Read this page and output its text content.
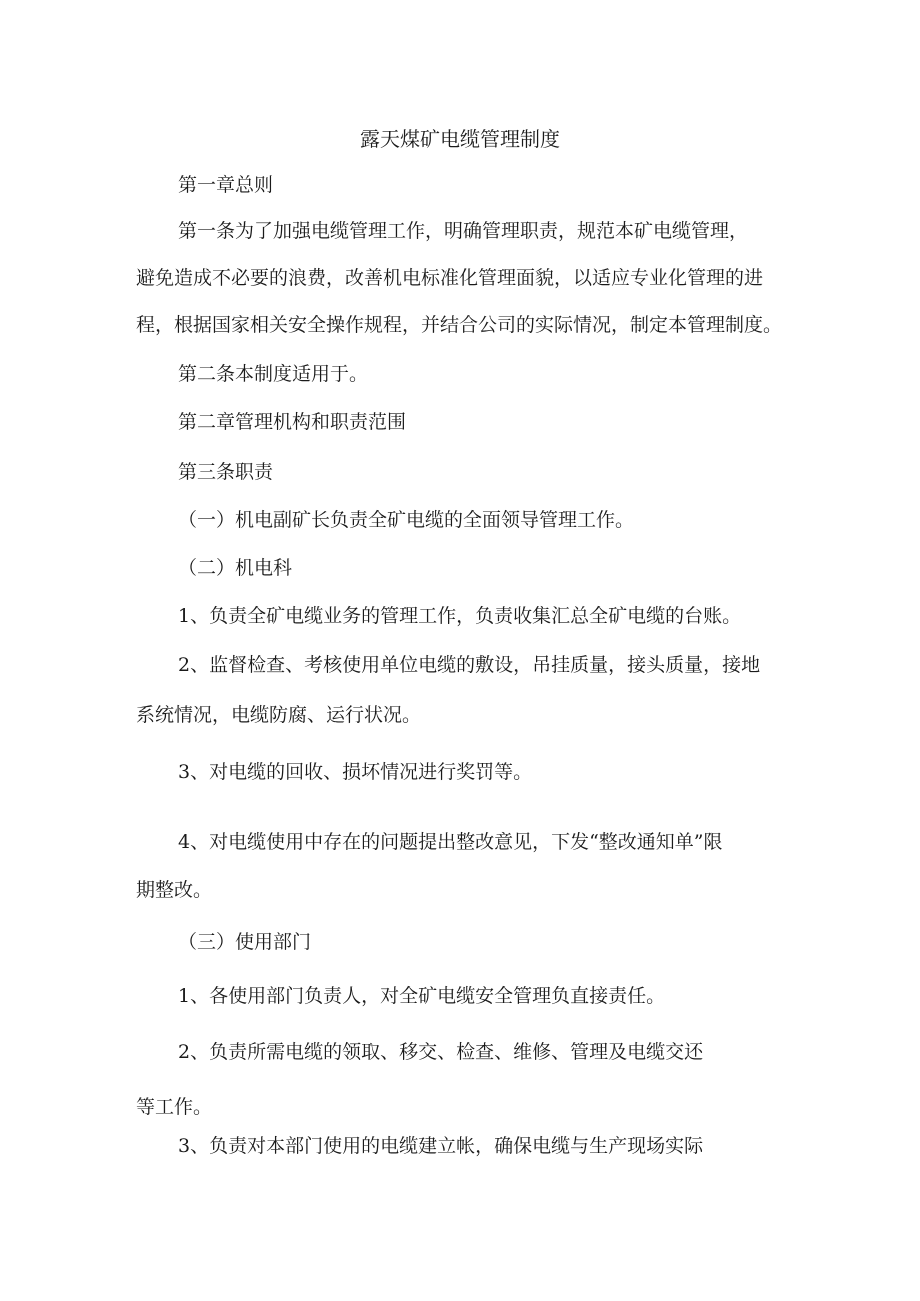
露天煤矿电缆管理制度

第一章总则

第一条为了加强电缆管理工作，明确管理职责，规范本矿电缆管理，

避免造成不必要的浪费，改善机电标准化管理面貌，以适应专业化管理的进

程，根据国家相关安全操作规程，并结合公司的实际情况，制定本管理制度。

第二条本制度适用于。

第二章管理机构和职责范围

第三条职责

（一）机电副矿长负责全矿电缆的全面领导管理工作。

（二）机电科

1、负责全矿电缆业务的管理工作，负责收集汇总全矿电缆的台账。

2、监督检查、考核使用单位电缆的敷设，吊挂质量，接头质量，接地

系统情况，电缆防腐、运行状况。

3、对电缆的回收、损坏情况进行奖罚等。

4、对电缆使用中存在的问题提出整改意见，下发“整改通知单”限

期整改。

（三）使用部门

1、各使用部门负责人，对全矿电缆安全管理负直接责任。

2、负责所需电缆的领取、移交、检查、维修、管理及电缆交还

等工作。

3、负责对本部门使用的电缆建立帐，确保电缆与生产现场实际
